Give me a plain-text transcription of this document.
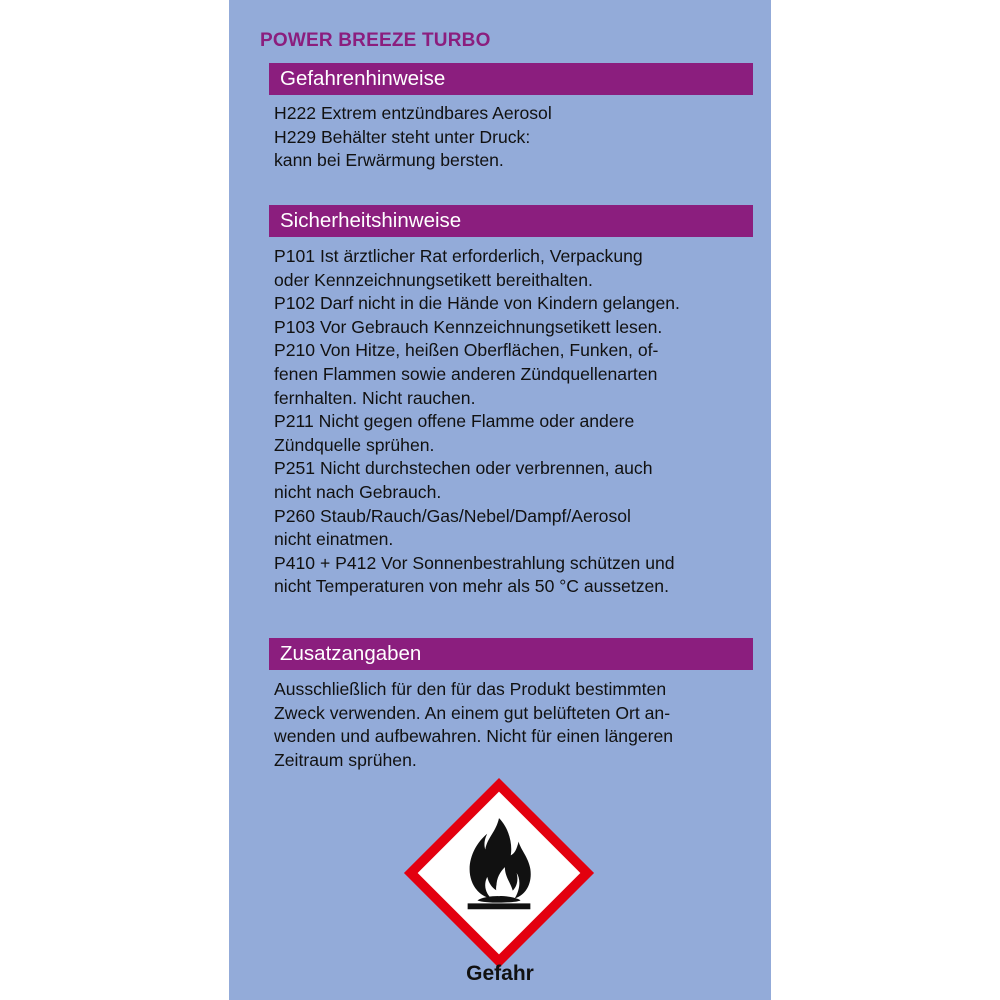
POWER BREEZE TURBO
Gefahrenhinweise
H222 Extrem entzündbares Aerosol
H229 Behälter steht unter Druck:
kann bei Erwärmung bersten.
Sicherheitshinweise
P101 Ist ärztlicher Rat erforderlich, Verpackung
oder Kennzeichnungsetikett bereithalten.
P102 Darf nicht in die Hände von Kindern gelangen.
P103 Vor Gebrauch Kennzeichnungsetikett lesen.
P210 Von Hitze, heißen Oberflächen, Funken, of-
fenen Flammen sowie anderen Zündquellenarten
fernhalten. Nicht rauchen.
P211 Nicht gegen offene Flamme oder andere
Zündquelle sprühen.
P251 Nicht durchstechen oder verbrennen, auch
nicht nach Gebrauch.
P260 Staub/Rauch/Gas/Nebel/Dampf/Aerosol
nicht einatmen.
P410 + P412 Vor Sonnenbestrahlung schützen und
nicht Temperaturen von mehr als 50 °C aussetzen.
Zusatzangaben
Ausschließlich für den für das Produkt bestimmten
Zweck verwenden. An einem gut belüfteten Ort an-
wenden und aufbewahren. Nicht für einen längeren
Zeitraum sprühen.
Gefahr
